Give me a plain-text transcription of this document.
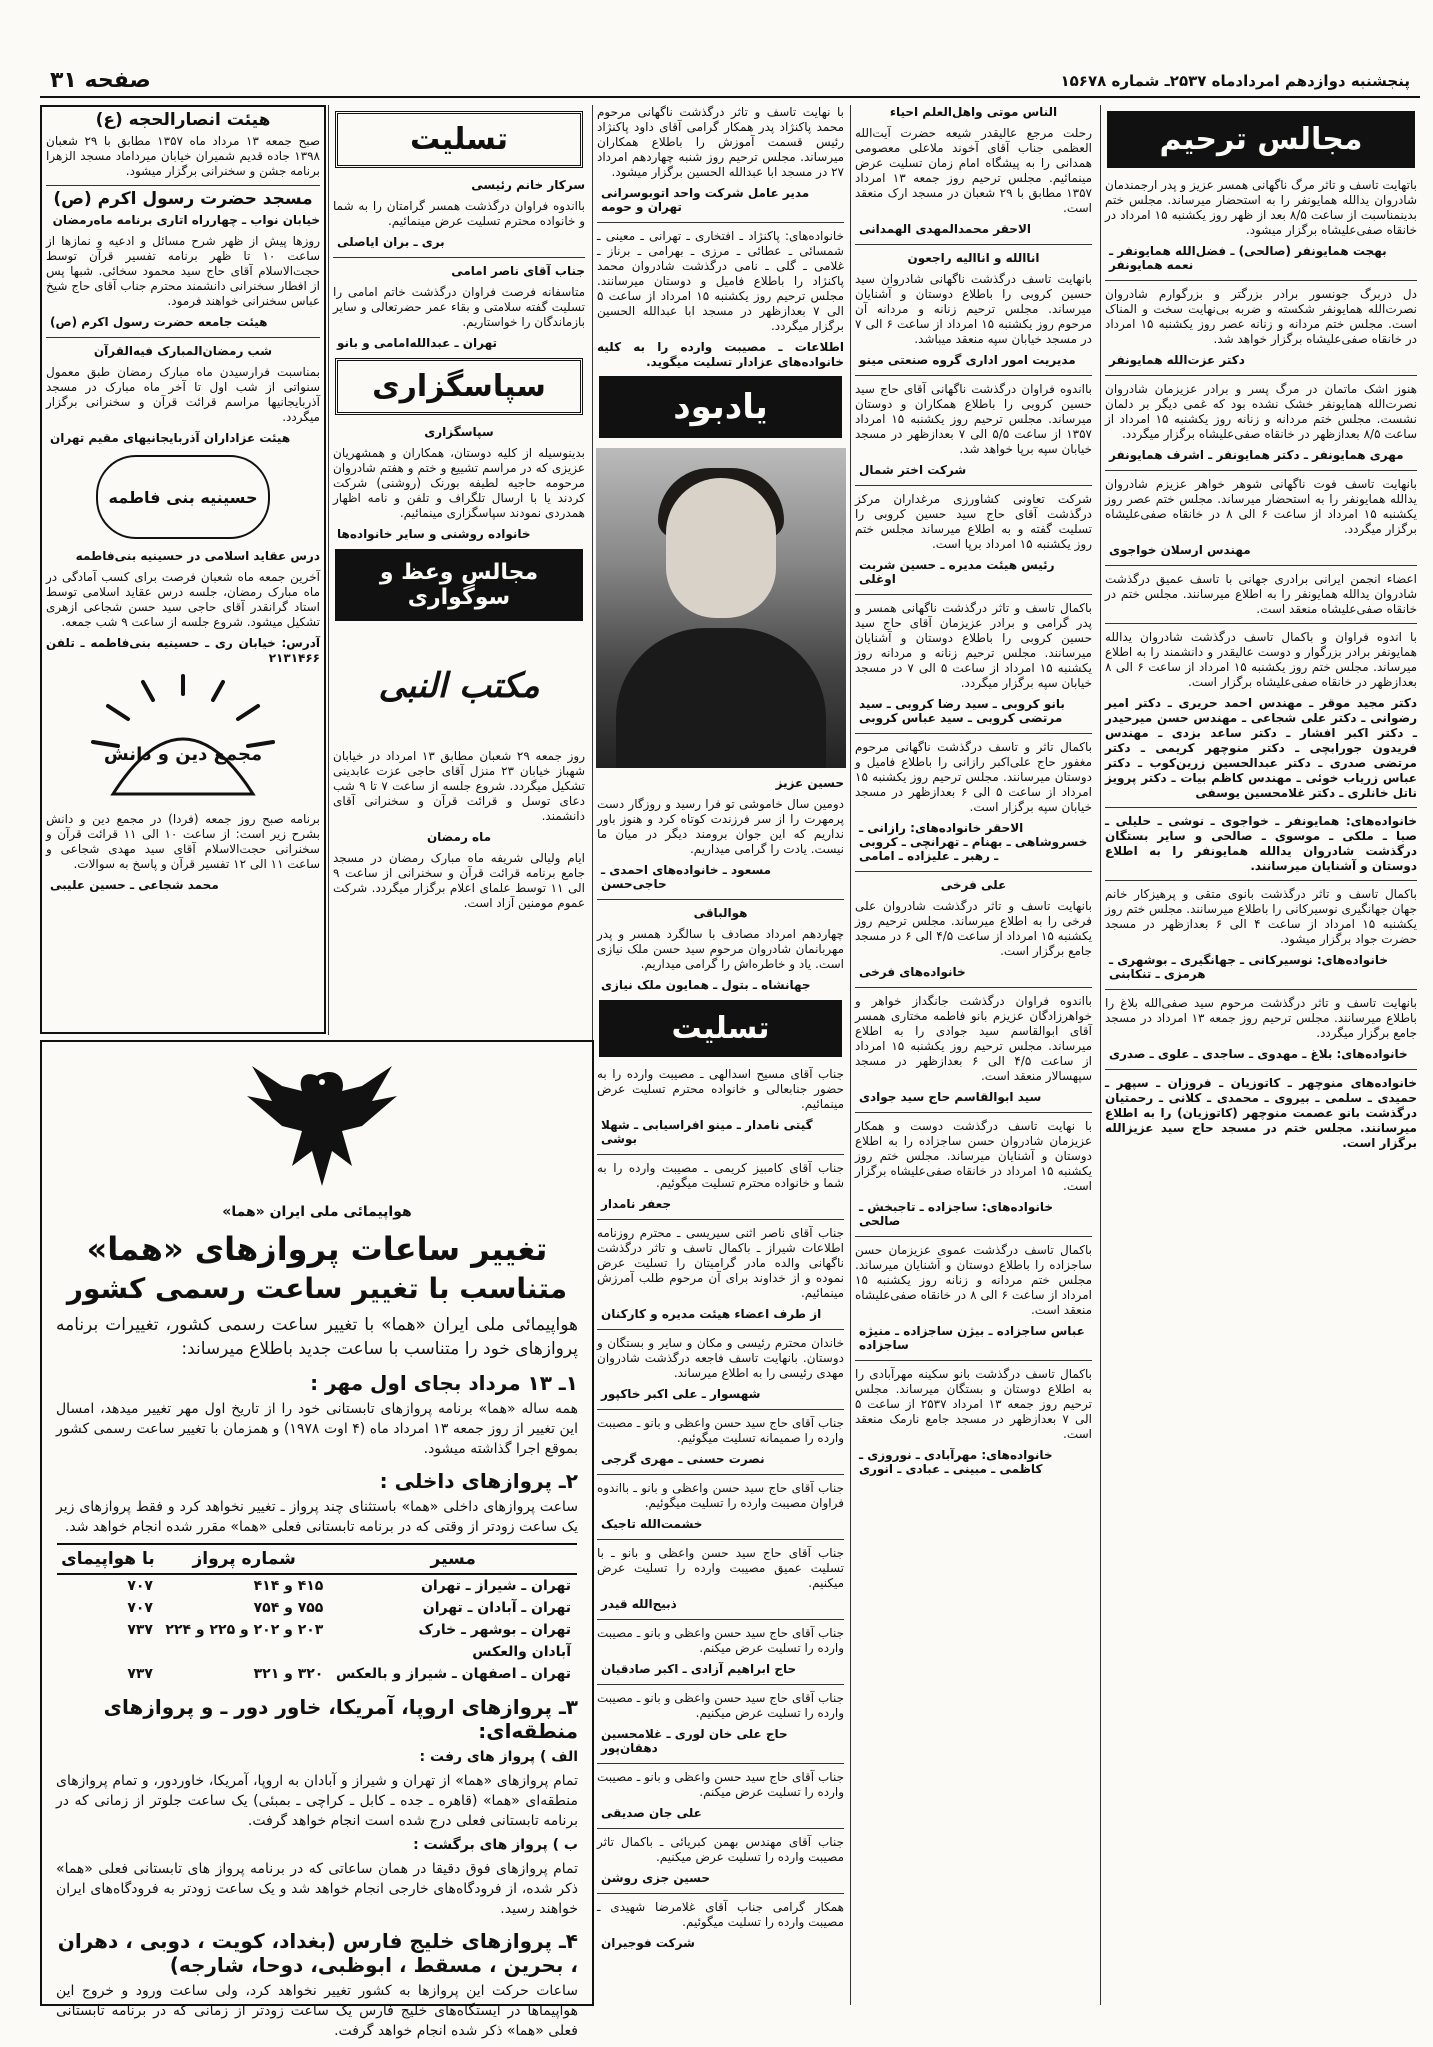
پنجشنبه دوازدهم امردادماه ۲۵۳۷ـ شماره ۱۵۶۷۸
صفحه ۳۱
مجالس ترحیم

باتهایت تاسف و تاثر مرگ ناگهانی همسر عزیز و پدر ارجمندمان شادروان یدالله همایونفر را به استحضار میرساند. مجلس ختم بدینمناسبت از ساعت ۸/۵ بعد از ظهر روز یکشنبه ۱۵ امرداد در خانقاه صفی‌علیشاه برگزار میشود.

بهجت همایونفر (صالحی) ـ فضل‌الله همایونفر ـ نعمه همایونفر

دل دربرگ جونسور برادر بزرگتر و بزرگوارم شادروان نصرت‌الله همایونفر شکسته و ضربه بی‌نهایت سخت و المناک است. مجلس ختم مردانه و زنانه عصر روز یکشنبه ۱۵ امرداد در خانقاه صفی‌علیشاه برگزار خواهد شد.

دکتر عزت‌الله همایونفر

هنوز اشک ماتمان در مرگ پسر و برادر عزیزمان شادروان نصرت‌الله همایونفر خشک نشده بود که غمی دیگر بر دلمان نشست. مجلس ختم مردانه و زنانه روز یکشنبه ۱۵ امرداد از ساعت ۸/۵ بعدازظهر در خانقاه صفی‌علیشاه برگزار میگردد.

مهری همایونفر ـ دکتر همایونفر ـ اشرف همایونفر

بانهایت تاسف فوت ناگهانی شوهر خواهر عزیزم شادروان یدالله همایونفر را به استحضار میرساند. مجلس ختم عصر روز یکشنبه ۱۵ امرداد از ساعت ۶ الی ۸ در خانقاه صفی‌علیشاه برگزار میگردد.

مهندس ارسلان خواجوی

اعضاء انجمن ایرانی برادری جهانی با تاسف عمیق درگذشت شادروان یدالله همایونفر را به اطلاع میرسانند. مجلس ختم در خانقاه صفی‌علیشاه منعقد است.

با اندوه فراوان و باکمال تاسف درگذشت شادروان یدالله همایونفر برادر بزرگوار و دوست عالیقدر و دانشمند را به اطلاع میرساند. مجلس ختم روز یکشنبه ۱۵ امرداد از ساعت ۶ الی ۸ بعدازظهر در خانقاه صفی‌علیشاه برگزار است.

دکتر مجید موقر ـ مهندس احمد حریری ـ دکتر امیر رضوانی ـ دکتر علی شجاعی ـ مهندس حسن میرحیدر ـ دکتر اکبر افشار ـ دکتر ساعد بزدی ـ مهندس فریدون جورابچی ـ دکتر منوچهر کریمی ـ دکتر مرتضی صدری ـ دکتر عبدالحسین زرین‌کوب ـ دکتر عباس زریاب خوئی ـ مهندس کاظم بیات ـ دکتر پرویز ناتل خانلری ـ دکتر غلامحسین یوسفی

خانواده‌های: همایونفر ـ خواجوی ـ نوشی ـ حلیلی ـ صبا ـ ملکی ـ موسوی ـ صالحی و سایر بستگان درگذشت شادروان یدالله همایونفر را به اطلاع دوستان و آشنایان میرسانند.

باکمال تاسف و تاثر درگذشت بانوی متقی و پرهیزکار خانم جهان جهانگیری نوسیرکانی را باطلاع میرسانند. مجلس ختم روز یکشنبه ۱۵ امرداد از ساعت ۴ الی ۶ بعدازظهر در مسجد حضرت جواد برگزار میشود.

خانواده‌های: نوسیرکانی ـ جهانگیری ـ بوشهری ـ هرمزی ـ تنکابنی

بانهایت تاسف و تاثر درگذشت مرحوم سید صفی‌الله بلاغ را باطلاع میرسانند. مجلس ترحیم روز جمعه ۱۳ امرداد در مسجد جامع برگزار میگردد.

خانواده‌های: بلاغ ـ مهدوی ـ ساجدی ـ علوی ـ صدری

خانواده‌های منوچهر ـ کاتوزیان ـ فروزان ـ سپهر ـ حمیدی ـ سلمی ـ بیروی ـ محمدی ـ کلانی ـ رحمتیان درگذشت بانو عصمت منوچهر (کاتوزیان) را به اطلاع میرسانند. مجلس ختم در مسجد حاج سید عزیزالله برگزار است.

الناس موتی واهل‌العلم احیاء

رحلت مرجع عالیقدر شیعه حضرت آیت‌الله العظمی جناب آقای آخوند ملاعلی معصومی همدانی را به پیشگاه امام زمان تسلیت عرض مینمائیم. مجلس ترحیم روز جمعه ۱۳ امرداد ۱۳۵۷ مطابق با ۲۹ شعبان در مسجد ارک منعقد است.

الاحقر محمدالمهدی الهمدانی

اناالله و اناالیه راجعون

بانهایت تاسف درگذشت ناگهانی شادروان سید حسین کروبی را باطلاع دوستان و آشنایان میرساند. مجلس ترحیم زنانه و مردانه آن مرحوم روز یکشنبه ۱۵ امرداد از ساعت ۶ الی ۷ در مسجد خیابان سپه منعقد میباشد.

مدیریت امور اداری گروه صنعتی مینو

بااندوه فراوان درگذشت ناگهانی آقای حاج سید حسین کروبی را باطلاع همکاران و دوستان میرساند. مجلس ترحیم روز یکشنبه ۱۵ امرداد ۱۳۵۷ از ساعت ۵/۵ الی ۷ بعدازظهر در مسجد خیابان سپه برپا خواهد شد.

شرکت اختر شمال

شرکت تعاونی کشاورزی مرغداران مرکز درگذشت آقای حاج سید حسین کروبی را تسلیت گفته و به اطلاع میرساند مجلس ختم روز یکشنبه ۱۵ امرداد برپا است.

رئیس هیئت مدیره ـ حسین شربت اوغلی

باکمال تاسف و تاثر درگذشت ناگهانی همسر و پدر گرامی و برادر عزیزمان آقای حاج سید حسین کروبی را باطلاع دوستان و آشنایان میرسانند. مجلس ترحیم زنانه و مردانه روز یکشنبه ۱۵ امرداد از ساعت ۵ الی ۷ در مسجد خیابان سپه برگزار میگردد.

بانو کروبی ـ سید رضا کروبی ـ سید مرتضی کروبی ـ سید عباس کروبی

باکمال تاثر و تاسف درگذشت ناگهانی مرحوم مغفور حاج علی‌اکبر رازانی را باطلاع فامیل و دوستان میرسانند. مجلس ترحیم روز یکشنبه ۱۵ امرداد از ساعت ۵ الی ۶ بعدازظهر در مسجد خیابان سپه برگزار است.

الاحقر خانواده‌های: رازانی ـ خسروشاهی ـ بهنام ـ تهرانچی ـ کروبی ـ رهبر ـ علیزاده ـ امامی

علی فرخی

بانهایت تاسف و تاثر درگذشت شادروان علی فرخی را به اطلاع میرساند. مجلس ترحیم روز یکشنبه ۱۵ امرداد از ساعت ۴/۵ الی ۶ در مسجد جامع برگزار است.

خانواده‌های فرخی

بااندوه فراوان درگذشت جانگداز خواهر و خواهرزادگان عزیزم بانو فاطمه مختاری همسر آقای ابوالقاسم سید جوادی را به اطلاع میرساند. مجلس ترحیم روز یکشنبه ۱۵ امرداد از ساعت ۴/۵ الی ۶ بعدازظهر در مسجد سپهسالار منعقد است.

سید ابوالقاسم حاج سید جوادی

با نهایت تاسف درگذشت دوست و همکار عزیزمان شادروان حسن ساجزاده را به اطلاع دوستان و آشنایان میرساند. مجلس ختم روز یکشنبه ۱۵ امرداد در خانقاه صفی‌علیشاه برگزار است.

خانواده‌های: ساجزاده ـ تاجبخش ـ صالحی

باکمال تاسف درگذشت عموی عزیزمان حسن ساجزاده را باطلاع دوستان و آشنایان میرساند. مجلس ختم مردانه و زنانه روز یکشنبه ۱۵ امرداد از ساعت ۶ الی ۸ در خانقاه صفی‌علیشاه منعقد است.

عباس ساجزاده ـ بیژن ساجزاده ـ منیژه ساجزاده

باکمال تاسف درگذشت بانو سکینه مهرآبادی را به اطلاع دوستان و بستگان میرساند. مجلس ترحیم روز جمعه ۱۳ امرداد ۲۵۳۷ از ساعت ۵ الی ۷ بعدازظهر در مسجد جامع نارمک منعقد است.

خانواده‌های: مهرآبادی ـ نوروزی ـ کاظمی ـ مبینی ـ عبادی ـ انوری

با نهایت تاسف و تاثر درگذشت ناگهانی مرحوم محمد پاکنژاد پدر همکار گرامی آقای داود پاکنژاد رئیس قسمت آموزش را باطلاع همکاران میرساند. مجلس ترحیم روز شنبه چهاردهم امرداد ۲۷ در مسجد ابا عبدالله الحسین برگزار میشود.

مدیر عامل شرکت واحد اتوبوسرانی تهران و حومه

خانواده‌های: پاکنژاد ـ افتخاری ـ تهرانی ـ معینی ـ شمسائی ـ عطائی ـ مرزی ـ بهرامی ـ برناز ـ غلامی ـ گلی ـ نامی درگذشت شادروان محمد پاکنژاد را باطلاع فامیل و دوستان میرسانند. مجلس ترحیم روز یکشنبه ۱۵ امرداد از ساعت ۵ الی ۷ بعدازظهر در مسجد ابا عبدالله الحسین برگزار میگردد.

اطلاعات ـ مصیبت وارده را به کلیه خانواده‌های عزادار تسلیت میگوید.

یادبود

حسین عزیز

دومین سال خاموشی تو فرا رسید و روزگار دست پرمهرت را از سر فرزندت کوتاه کرد و هنوز باور نداریم که این جوان برومند دیگر در میان ما نیست. یادت را گرامی میداریم.

مسعود ـ خانواده‌های احمدی ـ حاجی‌حسن

هوالباقی

چهاردهم امرداد مصادف با سالگرد همسر و پدر مهربانمان شادروان مرحوم سید حسن ملک نیازی است. یاد و خاطره‌اش را گرامی میداریم.

جهانشاه ـ بتول ـ همایون ملک نیازی

تسلیت

جناب آقای مسیح اسدالهی ـ مصیبت وارده را به حضور جنابعالی و خانواده محترم تسلیت عرض مینمائیم.

گیتی نامدار ـ مینو افراسیابی ـ شهلا بوشی

جناب آقای کامبیز کریمی ـ مصیبت وارده را به شما و خانواده محترم تسلیت میگوئیم.

جعفر نامدار

جناب آقای ناصر اثنی سیریسی ـ محترم روزنامه اطلاعات شیراز ـ باکمال تاسف و تاثر درگذشت ناگهانی والده مادر گرامیتان را تسلیت عرض نموده و از خداوند برای آن مرحوم طلب آمرزش مینمائیم.

از طرف اعضاء هیئت مدیره و کارکنان

خاندان محترم رئیسی و مکان و سایر و بستگان و دوستان. بانهایت تاسف فاجعه درگذشت شادروان مهدی رئیسی را به اطلاع میرساند.

شهسوار ـ علی اکبر خاکپور

جناب آقای حاج سید حسن واعظی و بانو ـ مصیبت وارده را صمیمانه تسلیت میگوئیم.

نصرت حسنی ـ مهری گرجی

جناب آقای حاج سید حسن واعظی و بانو ـ بااندوه فراوان مصیبت وارده را تسلیت میگوئیم.

خشمت‌الله تاجیک

جناب آقای حاج سید حسن واعظی و بانو ـ با تسلیت عمیق مصیبت وارده را تسلیت عرض میکنیم.

ذبیح‌الله قیدر

جناب آقای حاج سید حسن واعظی و بانو ـ مصیبت وارده را تسلیت عرض میکنم.

حاج ابراهیم آزادی ـ اکبر صادقیان

جناب آقای حاج سید حسن واعظی و بانو ـ مصیبت وارده را تسلیت عرض میکنیم.

حاج علی خان لوری ـ غلامحسین دهقان‌پور

جناب آقای حاج سید حسن واعظی و بانو ـ مصیبت وارده را تسلیت عرض میکنم.

علی جان صدیقی

جناب آقای مهندس بهمن کبریائی ـ باکمال تاثر مصیبت وارده را تسلیت عرض میکنیم.

حسین جزی روشن

همکار گرامی جناب آقای غلامرضا شهیدی ـ مصیبت وارده را تسلیت میگوئیم.

شرکت فوجیران

تسلیت

سرکار خانم رئیسی

بااندوه فراوان درگذشت همسر گرامتان را به شما و خانواده محترم تسلیت عرض مینمائیم.

بری ـ بران ایاصلی

جناب آقای ناصر امامی

متاسفانه فرصت فراوان درگذشت خاتم امامی را تسلیت گفته سلامتی و بقاء عمر حضرتعالی و سایر بازماندگان را خواستاریم.

تهران ـ عبدالله‌امامی و بانو

سپاسگزاری

سپاسگزاری

بدینوسیله از کلیه دوستان، همکاران و همشهریان عزیزی که در مراسم تشییع و ختم و هفتم شادروان مرحومه حاجیه لطیفه بورنک (روشنی) شرکت کردند یا با ارسال تلگراف و تلفن و نامه اظهار همدردی نمودند سپاسگزاری مینمائیم.

خانواده روشنی و سایر خانواده‌ها

مجالس وعظ و سوگواری
مکتب النبی

روز جمعه ۲۹ شعبان مطابق ۱۳ امرداد در خیابان شهباز خیابان ۲۳ منزل آقای حاجی عزت عابدینی تشکیل میگردد. شروع جلسه از ساعت ۷ تا ۹ شب دعای توسل و قرائت قرآن و سخنرانی آقای دانشمند.

ماه رمضان

ایام ولیالی شریفه ماه مبارک رمضان در مسجد جامع برنامه قرائت قرآن و سخنرانی از ساعت ۹ الی ۱۱ توسط علمای اعلام برگزار میگردد. شرکت عموم مومنین آزاد است.

هیئت انصارالحجه (ع)

صبح جمعه ۱۳ مرداد ماه ۱۳۵۷ مطابق با ۲۹ شعبان ۱۳۹۸ جاده قدیم شمیران خیابان میرداماد مسجد الزهرا برنامه جشن و سخنرانی برگزار میشود.

مسجد حضرت رسول اکرم (ص)

خیابان نواب ـ چهارراه اتاری برنامه ماه‌رمضان

روزها پیش از ظهر شرح مسائل و ادعیه و نمازها از ساعت ۱۰ تا ظهر برنامه تفسیر قرآن توسط حجت‌الاسلام آقای حاج سید محمود سخائی. شبها پس از افطار سخنرانی دانشمند محترم جناب آقای حاج شیخ عباس سخنرانی خواهند فرمود.

هیئت جامعه حضرت رسول اکرم (ص)

شب رمضان‌المبارک فیه‌القرآن

بمناسبت فرارسیدن ماه مبارک رمضان طبق معمول سنواتی از شب اول تا آخر ماه مبارک در مسجد آذربایجانیها مراسم قرائت قرآن و سخنرانی برگزار میگردد.

هیئت عزاداران آذربایجانیهای مقیم تهران

حسینیه بنی فاطمه

درس عقاید اسلامی در حسینیه بنی‌فاطمه

آخرین جمعه ماه شعبان فرصت برای کسب آمادگی در ماه مبارک رمضان، جلسه درس عقاید اسلامی توسط استاد گرانقدر آقای حاجی سید حسن شجاعی ازهری تشکیل میشود. شروع جلسه از ساعت ۹ شب جمعه.

آدرس: خیابان ری ـ حسینیه بنی‌فاطمه ـ تلفن ۲۱۳۱۴۶۶

مجمع دین و دانش

برنامه صبح روز جمعه (فردا) در مجمع دین و دانش بشرح زیر است: از ساعت ۱۰ الی ۱۱ قرائت قرآن و سخنرانی حجت‌الاسلام آقای سید مهدی شجاعی و ساعت ۱۱ الی ۱۲ تفسیر قرآن و پاسخ به سوالات.

محمد شجاعی ـ حسین علیبی

هواپیمائی ملی ایران «هما»
تغییر ساعات پروازهای «هما»
متناسب با تغییر ساعت رسمی کشور

هواپیمائی ملی ایران «هما» با تغییر ساعت رسمی کشور، تغییرات برنامه پروازهای خود را متناسب با ساعت جدید باطلاع میرساند:

۱ـ ۱۳ مرداد بجای اول مهر :

همه ساله «هما» برنامه پروازهای تابستانی خود را از تاریخ اول مهر تغییر میدهد، امسال این تغییر از روز جمعه ۱۳ امرداد ماه (۴ اوت ۱۹۷۸) و همزمان با تغییر ساعت رسمی کشور بموقع اجرا گذاشته میشود.

۲ـ پروازهای داخلی :

ساعت پروازهای داخلی «هما» باستثنای چند پرواز ـ تغییر نخواهد کرد و فقط پروازهای زیر یک ساعت زودتر از وقتی که در برنامه تابستانی فعلی «هما» مقرر شده انجام خواهد شد.

مسیر	شماره پرواز	با هواپیمای
تهران ـ شیراز ـ تهران	۴۱۵ و ۴۱۴	۷۰۷
تهران ـ آبادان ـ تهران	۷۵۵ و ۷۵۴	۷۰۷
تهران ـ بوشهر ـ خارک	۲۰۳ و ۲۰۲ و ۲۲۵ و ۲۲۴	۷۳۷
آبادان والعکس		
تهران ـ اصفهان ـ شیراز و بالعکس	۳۲۰ و ۳۲۱	۷۳۷
۳ـ پروازهای اروپا، آمریکا، خاور دور ـ و پروازهای منطقه‌ای:

الف ) پرواز های رفت :

تمام پروازهای «هما» از تهران و شیراز و آبادان به اروپا، آمریکا، خاوردور، و تمام پروازهای منطقه‌ای «هما» (قاهره ـ جده ـ کابل ـ کراچی ـ بمبئی) یک ساعت جلوتر از زمانی که در برنامه تابستانی فعلی درج شده است انجام خواهد گرفت.

ب ) پرواز های برگشت :

تمام پروازهای فوق دقیقا در همان ساعاتی که در برنامه پرواز های تابستانی فعلی «هما» ذکر شده، از فرودگاه‌های خارجی انجام خواهد شد و یک ساعت زودتر به فرودگاه‌های ایران خواهند رسید.

۴ـ پروازهای خلیج فارس (بغداد، کویت ، دوبی ، دهران ، بحرین ، مسقط ، ابوظبی، دوحا، شارجه)

ساعات حرکت این پروازها به کشور تغییر نخواهد کرد، ولی ساعت ورود و خروج این هواپیماها در ایستگاه‌های خلیج فارس یک ساعت زودتر از زمانی که در برنامه تابستانی فعلی «هما» ذکر شده انجام خواهد گرفت.
